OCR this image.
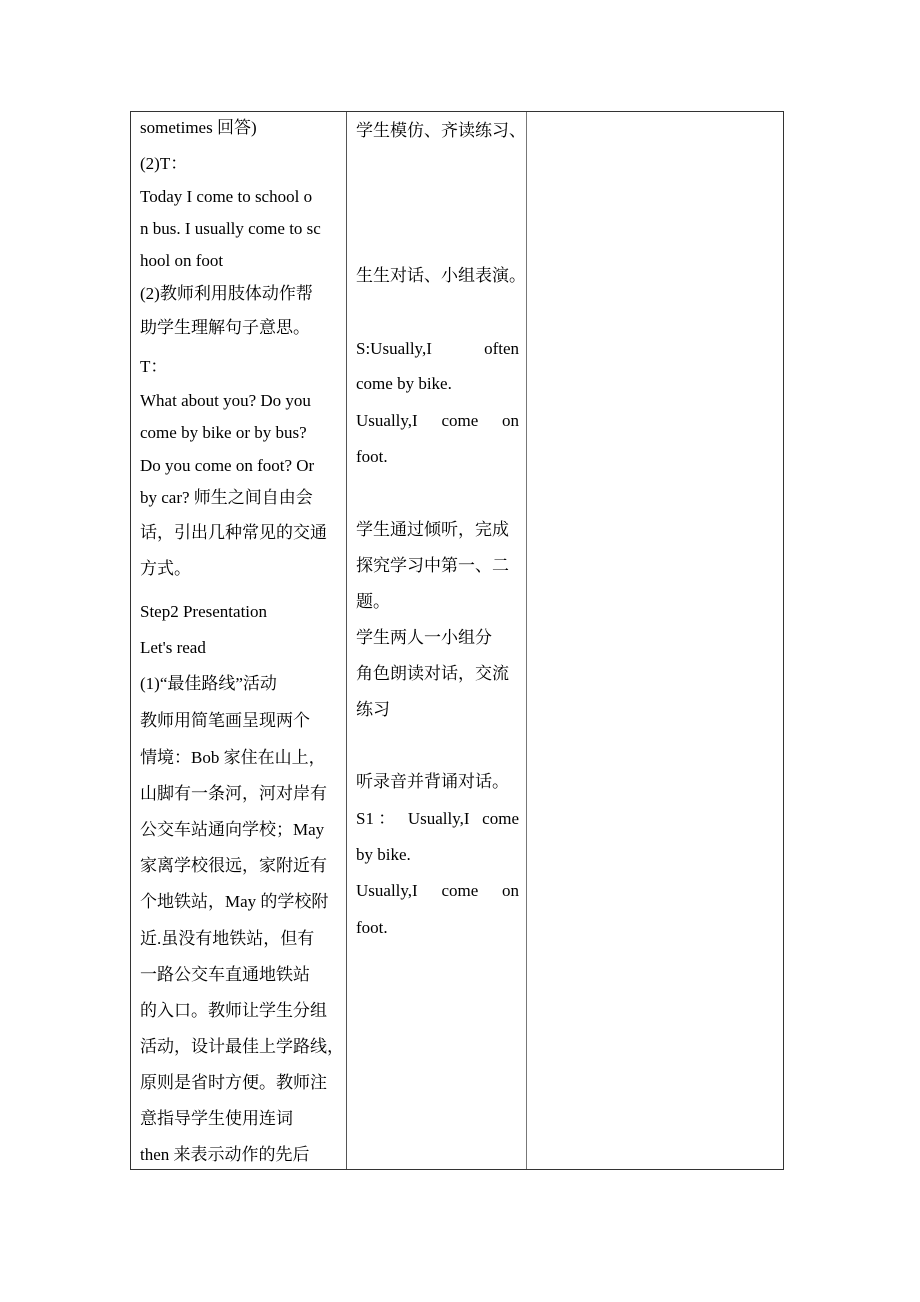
sometimes 回答)
(2)T：
Today I come to school o
n bus. I usually come to sc
hool on foot
(2)教师利用肢体动作帮
助学生理解句子意思。
T：
What about you? Do you
come by bike or by bus?
Do you come on foot? Or
by car? 师生之间自由会
话，引出几种常见的交通
方式。
Step2 Presentation
Let's read
(1)“最佳路线”活动
教师用简笔画呈现两个
情境：Bob 家住在山上，
山脚有一条河，河对岸有
公交车站通向学校；May
家离学校很远，家附近有
个地铁站，May 的学校附
近.虽没有地铁站，但有
一路公交车直通地铁站
的入口。教师让学生分组
活动，设计最佳上学路线，
原则是省时方便。教师注
意指导学生使用连词
then 来表示动作的先后
学生模仿、齐读练习、
生生对话、小组表演。
S:Usually,I	often
come by bike.
Usually,I come on
foot.
学生通过倾听，完成
探究学习中第一、二
题。
学生两人一小组分
角色朗读对话，交流
练习
听录音并背诵对话。
S1 ： Usually,I come
by bike.
Usually,I come on
foot.
